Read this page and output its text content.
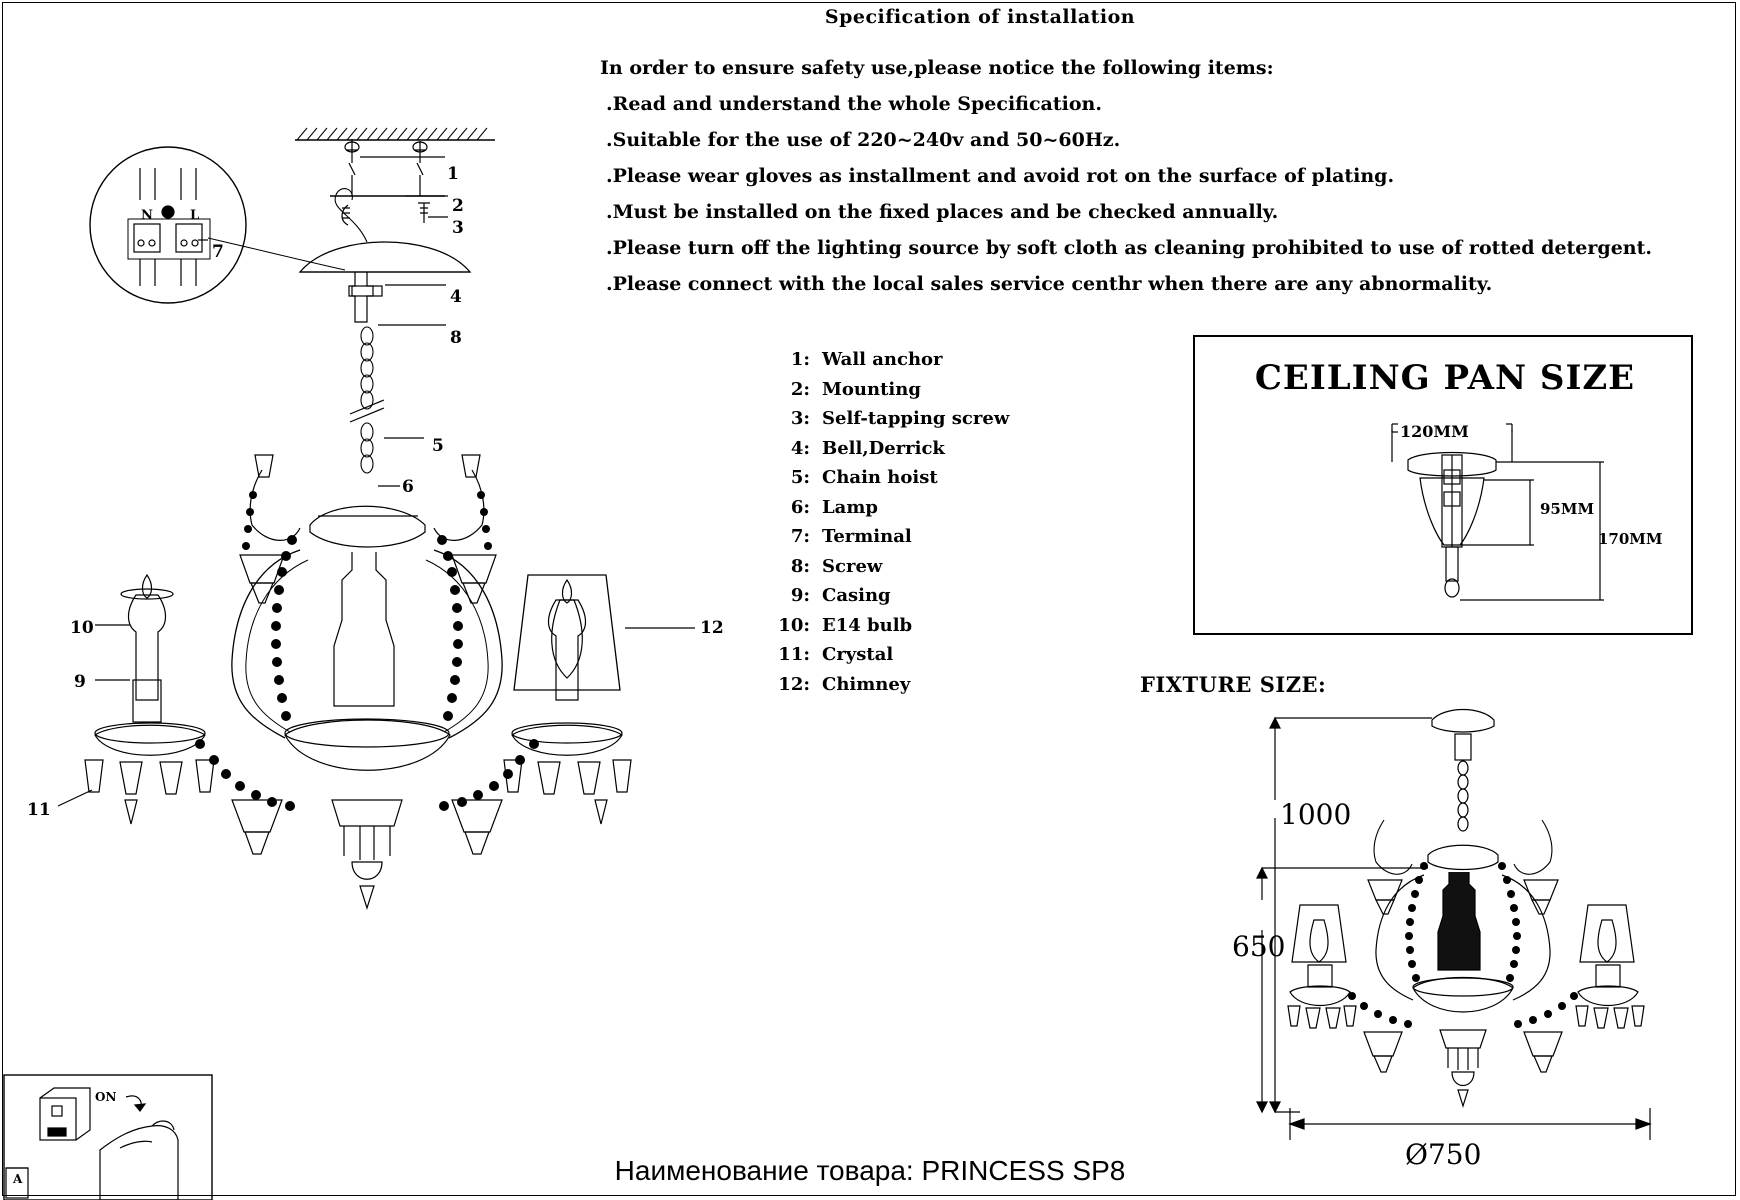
Specification of installation
In order to ensure safety use,please notice the following items:
.Read and understand the whole Specification.
.Suitable for the use of 220~240v and 50~60Hz.
.Please wear gloves as installment and avoid rot on the surface of plating.
.Must be installed on the fixed places and be checked annually.
.Please turn off the lighting source by soft cloth as cleaning prohibited to use of rotted detergent.
.Please connect with the local sales service centhr when there are any abnormality.
1: Wall anchor
2: Mounting
3: Self-tapping screw
4: Bell,Derrick
5: Chain hoist
6: Lamp
7: Terminal
8: Screw
9: Casing
10: E14 bulb
11: Crystal
12: Chimney
CEILING PAN SIZE
120MM
95MM
170MM
FIXTURE SIZE:
1000
650
Ø750
1
2
3
4
8
5
6
10
9
11
12
7
N	L
ON
A	Наименование товара: PRINCESS SP8
